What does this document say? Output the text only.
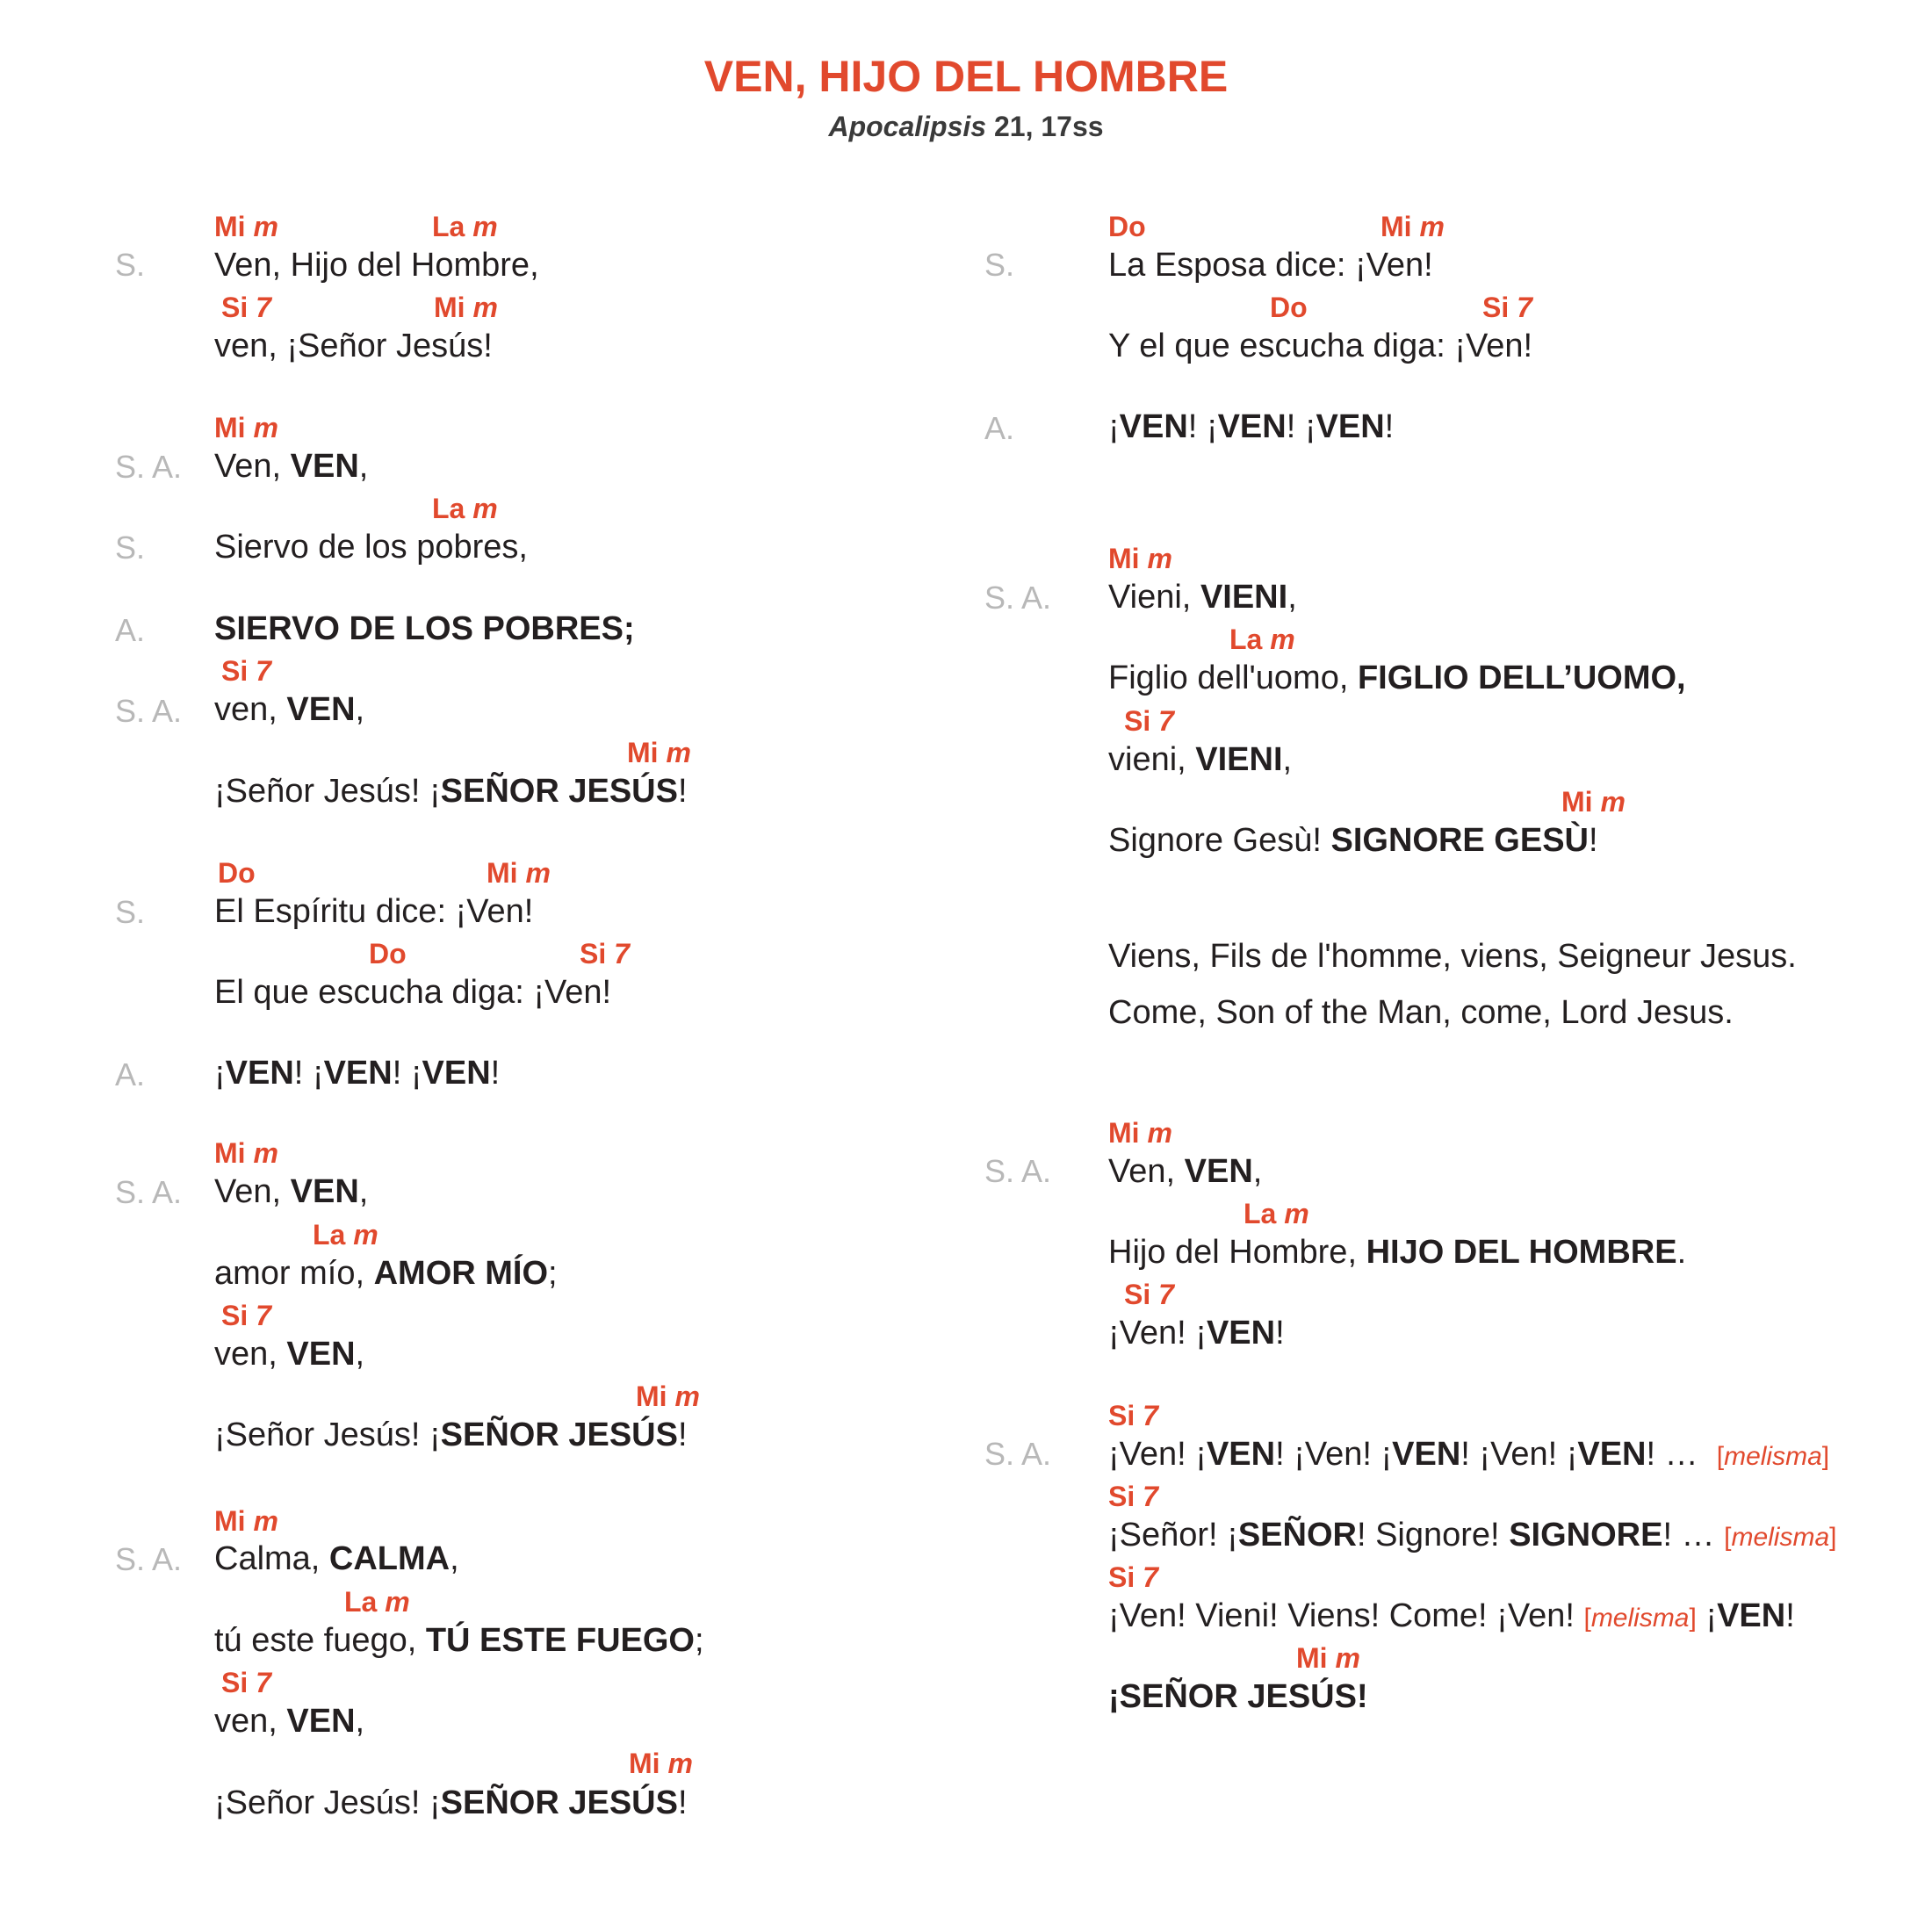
VEN, HIJO DEL HOMBRE
Apocalipsis 21, 17ss
Mi m	La m
S. Ven, Hijo del Hombre,
Si 7	Mi m
ven, ¡Señor Jesús!
Mi m
S. A. Ven, VEN,
La m
S. Siervo de los pobres,
A. SIERVO DE LOS POBRES;
Si 7
S. A. ven, VEN,
Mi m
¡Señor Jesús! ¡SEÑOR JESÚS!
Do	Mi m
S. El Espíritu dice: ¡Ven!
Do	Si 7
El que escucha diga: ¡Ven!
A. ¡VEN! ¡VEN! ¡VEN!
Mi m
S. A. Ven, VEN,
La m
amor mío, AMOR MÍO;
Si 7
ven, VEN,
Mi m
¡Señor Jesús! ¡SEÑOR JESÚS!
Mi m
S. A. Calma, CALMA,
La m
tú este fuego, TÚ ESTE FUEGO;
Si 7
ven, VEN,
Mi m
¡Señor Jesús! ¡SEÑOR JESÚS!
Do	Mi m
S.	La Esposa dice: ¡Ven!
Do	Si 7
Y el que escucha diga: ¡Ven!
A.	¡VEN! ¡VEN! ¡VEN!
Mi m
S. A. Vieni, VIENI,
La m
Figlio dell'uomo, FIGLIO DELL’UOMO,
Si 7
vieni, VIENI,
Mi m
Signore Gesù! SIGNORE GESÙ!
Viens, Fils de l'homme, viens, Seigneur Jesus.
Come, Son of the Man, come, Lord Jesus.
Mi m
S. A. Ven, VEN,
La m
Hijo del Hombre, HIJO DEL HOMBRE.
Si 7
¡Ven! ¡VEN!
Si 7
S. A. ¡Ven! ¡VEN! ¡Ven! ¡VEN! ¡Ven! ¡VEN! … [melisma]
Si 7
¡Señor! ¡SEÑOR! Signore! SIGNORE! … [melisma]
Si 7
¡Ven! Vieni! Viens! Come! ¡Ven! [melisma] ¡VEN!
Mi m
¡SEÑOR JESÚS!
